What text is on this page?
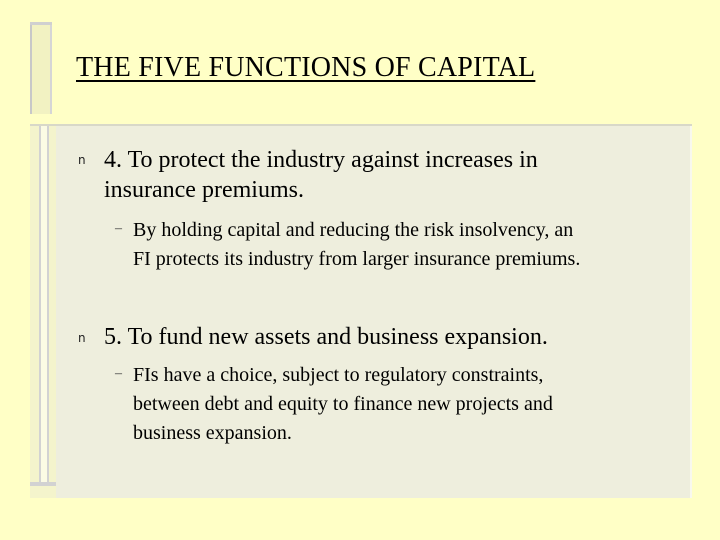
THE FIVE FUNCTIONS OF CAPITAL
n 4. To protect the industry against increases in
insurance premiums.
– By holding capital and reducing the risk insolvency, an
FI protects its industry from larger insurance premiums.
n 5. To fund new assets and business expansion.
– FIs have a choice, subject to regulatory constraints,
between debt and equity to finance new projects and
business expansion.
